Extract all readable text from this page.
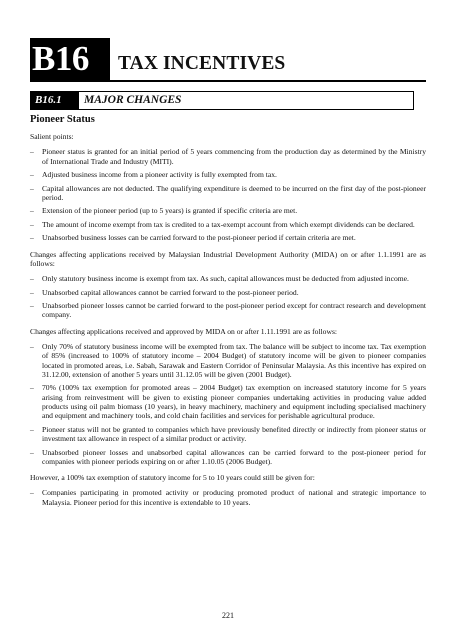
B16	TAX INCENTIVES
B16.1	MAJOR CHANGES
Pioneer Status
Salient points:
–	Pioneer status is granted for an initial period of 5 years commencing from the production day as determined by the Ministry of International Trade and Industry (MITI).
–	Adjusted business income from a pioneer activity is fully exempted from tax.
–	Capital allowances are not deducted. The qualifying expenditure is deemed to be incurred on the first day of the post-pioneer period.
–	Extension of the pioneer period (up to 5 years) is granted if specific criteria are met.
–	The amount of income exempt from tax is credited to a tax-exempt account from which exempt dividends can be declared.
–	Unabsorbed business losses can be carried forward to the post-pioneer period if certain criteria are met.
Changes affecting applications received by Malaysian Industrial Development Authority (MIDA) on or after 1.1.1991 are as follows:
–	Only statutory business income is exempt from tax. As such, capital allowances must be deducted from adjusted income.
–	Unabsorbed capital allowances cannot be carried forward to the post-pioneer period.
–	Unabsorbed pioneer losses cannot be carried forward to the post-pioneer period except for contract research and development company.
Changes affecting applications received and approved by MIDA on or after 1.11.1991 are as follows:
–	Only 70% of statutory business income will be exempted from tax. The balance will be subject to income tax. Tax exemption of 85% (increased to 100% of statutory income – 2004 Budget) of statutory income will be given to pioneer companies located in promoted areas, i.e. Sabah, Sarawak and Eastern Corridor of Peninsular Malaysia. As this incentive has expired on 31.12.00, extension of another 5 years until 31.12.05 will be given (2001 Budget).
–	70% (100% tax exemption for promoted areas – 2004 Budget) tax exemption on increased statutory income for 5 years arising from reinvestment will be given to existing pioneer companies undertaking activities in producing value added products using oil palm biomass (10 years), in heavy machinery, machinery and equipment including specialised machinery and equipment and machinery tools, and cold chain facilities and services for perishable agricultural produce.
–	Pioneer status will not be granted to companies which have previously benefited directly or indirectly from pioneer status or investment tax allowance in respect of a similar product or activity.
–	Unabsorbed pioneer losses and unabsorbed capital allowances can be carried forward to the post-pioneer period for companies with pioneer periods expiring on or after 1.10.05 (2006 Budget).
However, a 100% tax exemption of statutory income for 5 to 10 years could still be given for:
–	Companies participating in promoted activity or producing promoted product of national and strategic importance to Malaysia. Pioneer period for this incentive is extendable to 10 years.
221
